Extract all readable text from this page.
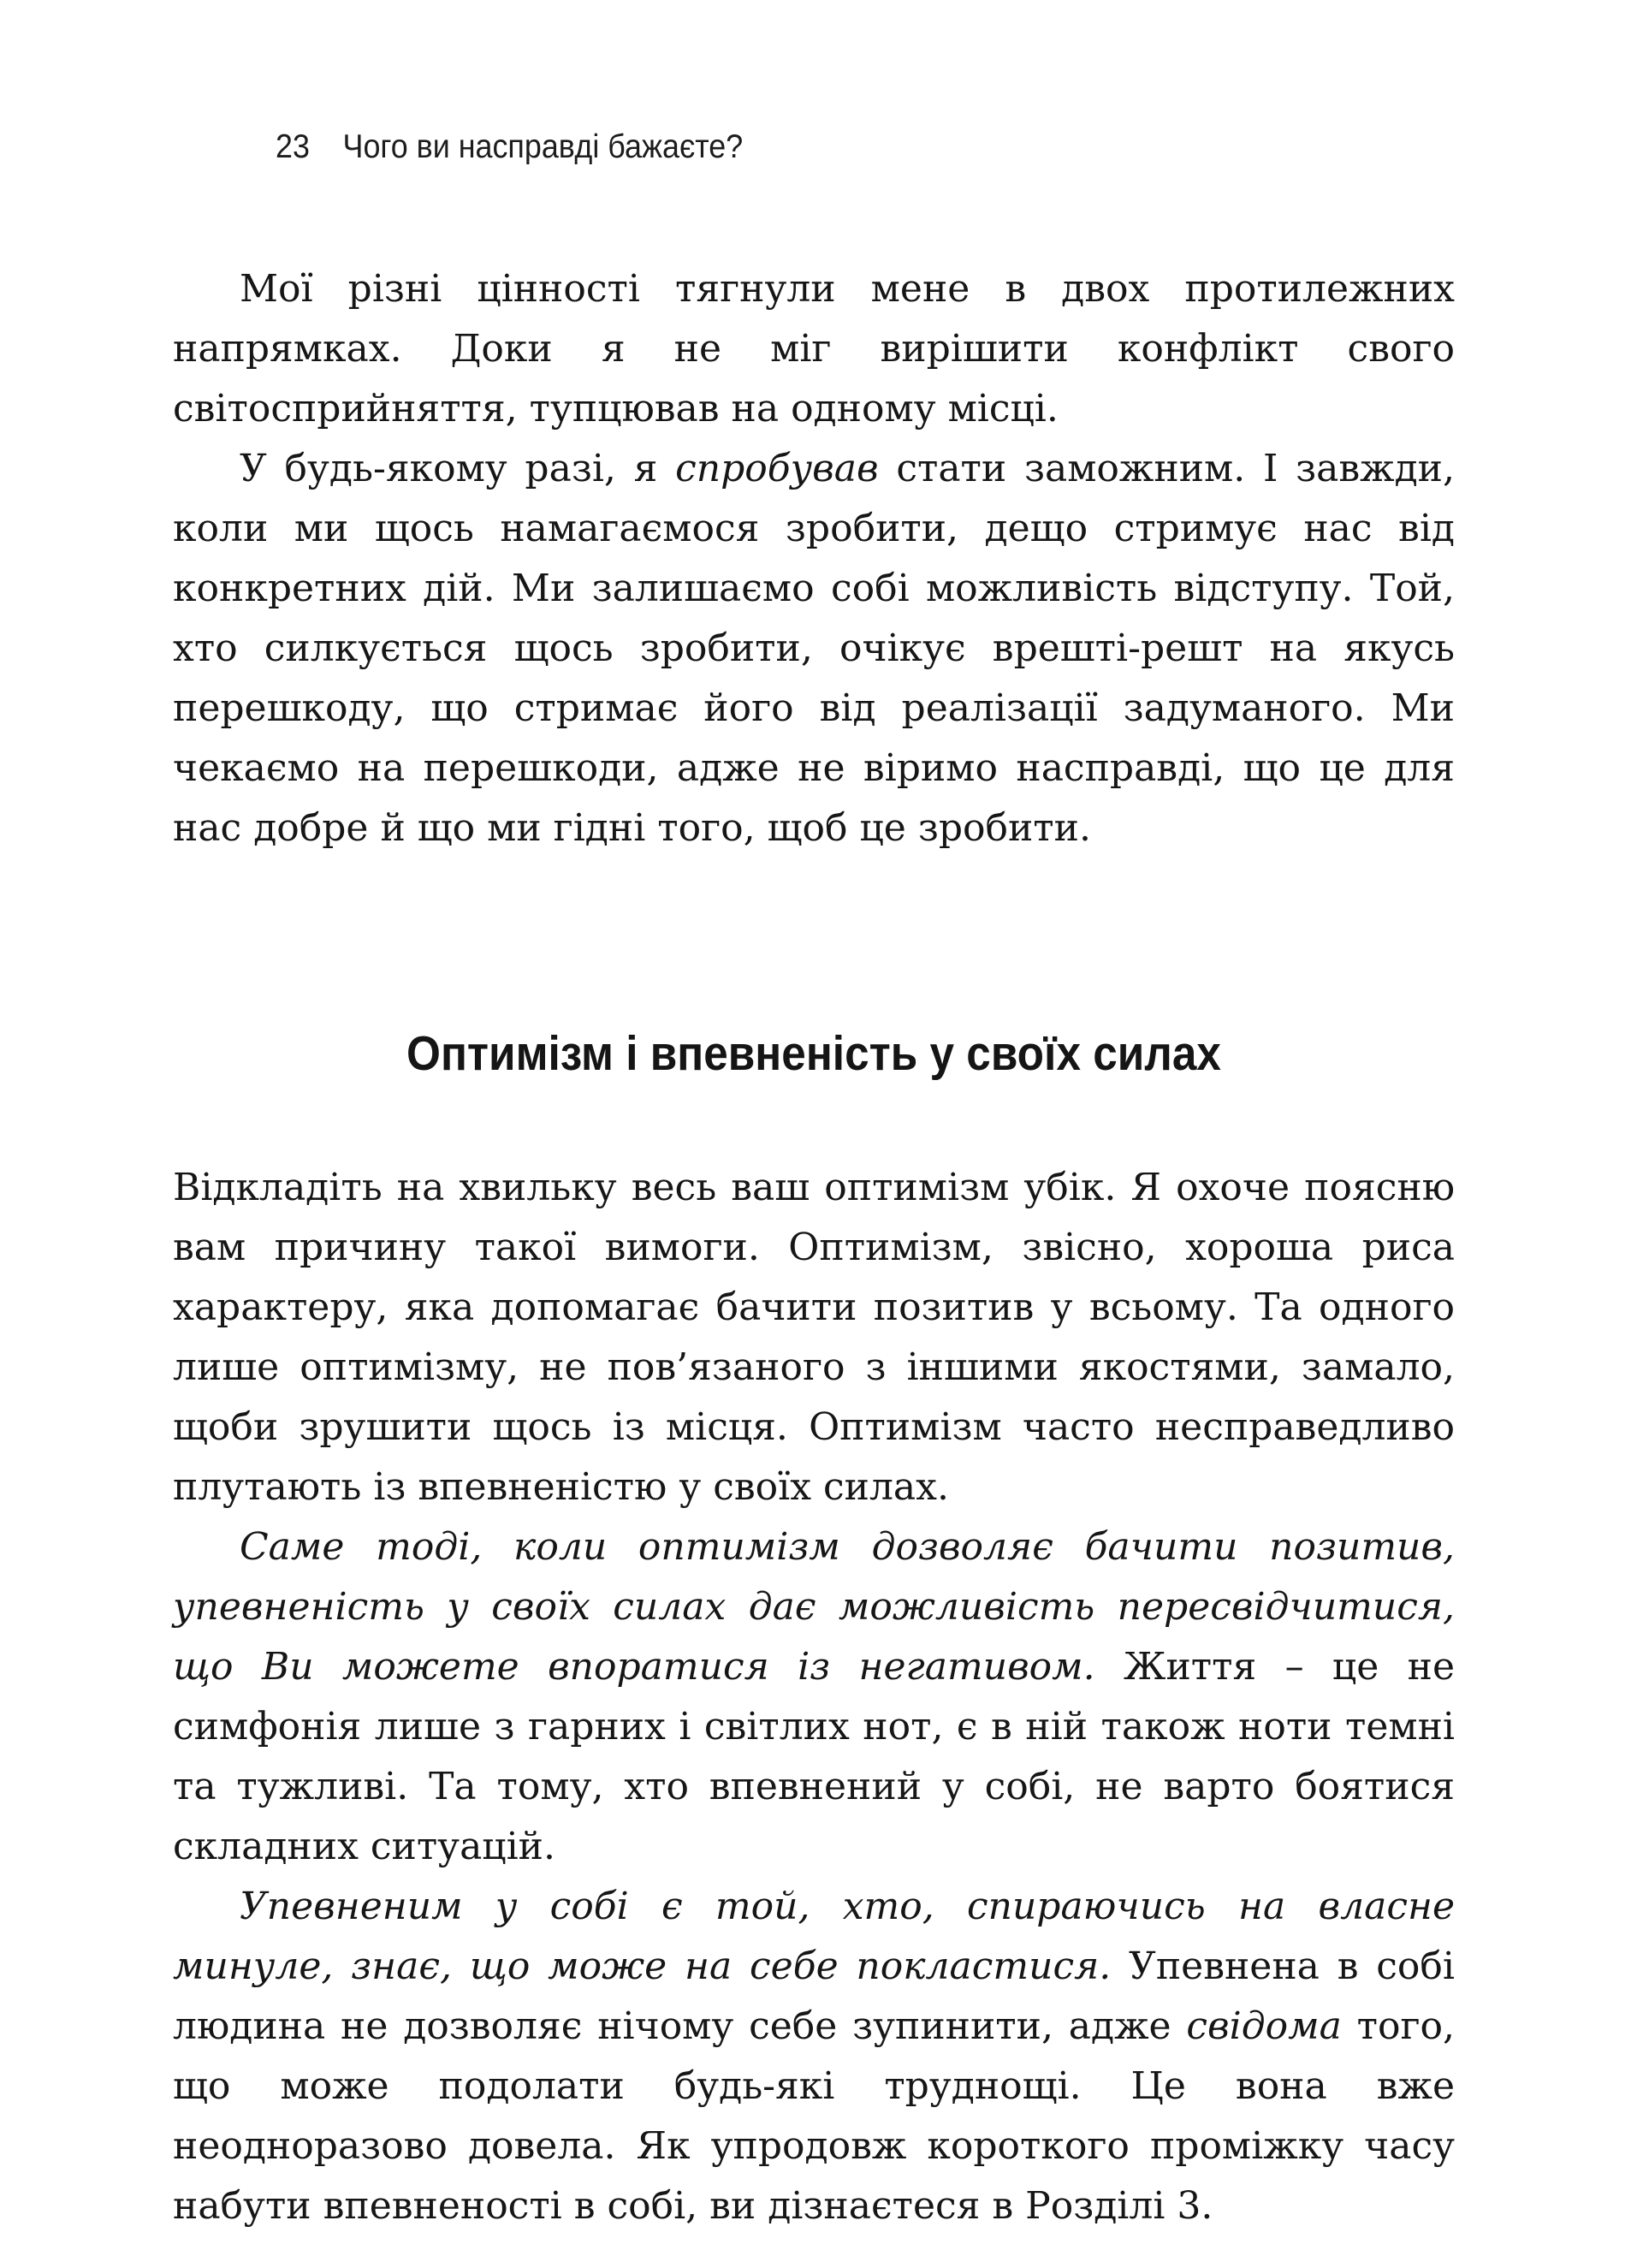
23 Чого ви насправді бажаєте?

Мої різні цінності тягнули мене в двох протилежних напрямках. Доки я не міг вирішити конфлікт свого світосприйняття, тупцював на одному місці.

У будь-якому разі, я спробував стати заможним. І завжди, коли ми щось намагаємося зробити, дещо стримує нас від конкретних дій. Ми залишаємо собі можливість відступу. Той, хто силкується щось зробити, очікує врешті-решт на якусь перешкоду, що стримає його від реалізації задуманого. Ми чекаємо на перешкоди, адже не віримо насправді, що це для нас добре й що ми гідні того, щоб це зробити.

Оптимізм і впевненість у своїх силах

Відкладіть на хвильку весь ваш оптимізм убік. Я охоче поясню вам причину такої вимоги. Оптимізм, звісно, хороша риса характеру, яка допомагає бачити позитив у всьому. Та одного лише оптимізму, не пов’язаного з іншими якостями, замало, щоби зрушити щось із місця. Оптимізм часто несправедливо плутають із впевненістю у своїх силах.

Саме тоді, коли оптимізм дозволяє бачити позитив, упевненість у своїх силах дає можливість пересвідчитися, що Ви можете впоратися із негативом. Життя – це не симфонія лише з гарних і світлих нот, є в ній також ноти темні та тужливі. Та тому, хто впевнений у собі, не варто боятися складних ситуацій.

Упевненим у собі є той, хто, спираючись на власне минуле, знає, що може на себе покластися. Упевнена в собі людина не дозволяє нічому себе зупинити, адже свідома того, що може подолати будь-які труднощі. Це вона вже неодноразово довела. Як упродовж короткого проміжку часу набути впевненості в собі, ви дізнаєтеся в Розділі 3.
